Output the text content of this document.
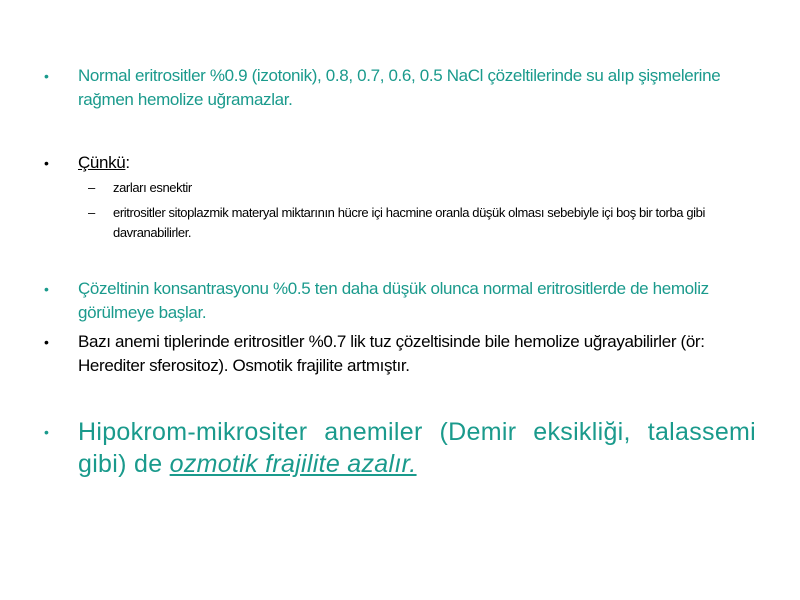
•	Normal eritrositler %0.9 (izotonik), 0.8, 0.7, 0.6, 0.5 NaCl çözeltilerinde su alıp şişmelerine rağmen hemolize uğramazlar.
•	Çünkü:
– zarları esnektir
– eritrositler sitoplazmik materyal miktarının hücre içi hacmine oranla düşük olması sebebiyle içi boş bir torba gibi davranabilirler.
•	Çözeltinin konsantrasyonu %0.5 ten daha düşük olunca normal eritrositlerde de hemoliz görülmeye başlar.
•	Bazı anemi tiplerinde eritrositler %0.7 lik tuz çözeltisinde bile hemolize uğrayabilirler (ör: Herediter sferositoz). Osmotik frajilite artmıştır.
•	Hipokrom-mikrositer anemiler (Demir eksikliği, talassemi gibi) de ozmotik frajilite azalır.
